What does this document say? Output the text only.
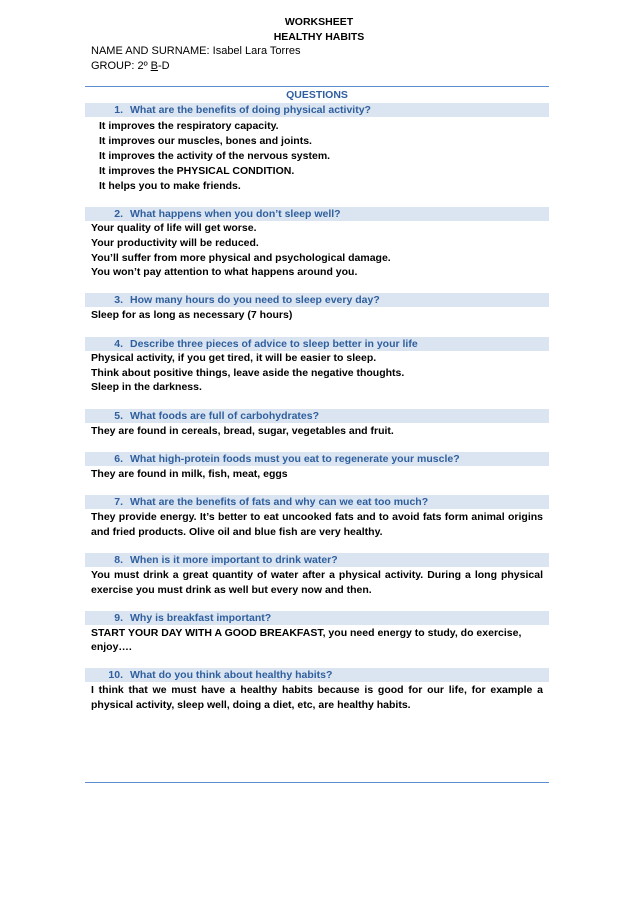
WORKSHEET
HEALTHY HABITS
NAME AND SURNAME: Isabel Lara Torres
GROUP: 2º B-D
QUESTIONS
1. What are the benefits of doing physical activity?
It improves the respiratory capacity.
It improves our muscles, bones and joints.
It improves the activity of the nervous system.
It improves the PHYSICAL CONDITION.
It helps you to make friends.
2. What happens when you don’t sleep well?
Your quality of life will get worse.
Your productivity will be reduced.
You’ll suffer from more physical and psychological damage.
You won’t pay attention to what happens around you.
3. How many hours do you need to sleep every day?
Sleep for as long as necessary (7 hours)
4. Describe three pieces of advice to sleep better in your life
Physical activity, if you get tired, it will be easier to sleep.
Think about positive things, leave aside the negative thoughts.
Sleep in the darkness.
5. What foods are full of carbohydrates?
They are found in cereals, bread, sugar, vegetables and fruit.
6. What high-protein foods must you eat to regenerate your muscle?
They are found in milk, fish, meat, eggs
7. What are the benefits of fats and why can we eat too much?
They provide energy. It’s better to eat uncooked fats and to avoid fats form animal origins and fried products. Olive oil and blue fish are very healthy.
8. When is it more important to drink water?
You must drink a great quantity of water after a physical activity. During a long physical exercise you must drink as well but every now and then.
9. Why is breakfast important?
START YOUR DAY WITH A GOOD BREAKFAST, you need energy to study, do exercise,
enjoy….
10. What do you think about healthy habits?
I think that we must have a healthy habits because is good for our life, for example a physical activity, sleep well, doing a diet, etc, are healthy habits.
